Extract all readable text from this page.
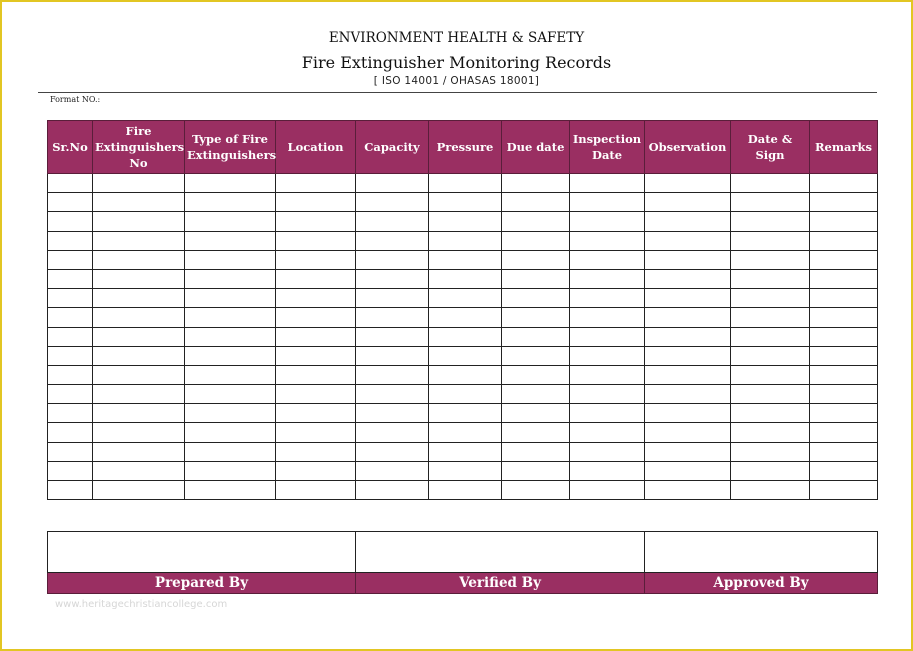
ENVIRONMENT HEALTH & SAFETY
Fire Extinguisher Monitoring Records
[ ISO 14001 / OHASAS 18001]
Format NO.:
Sr.No	Fire Extinguishers No	Type of Fire Extinguishers	Location	Capacity	Pressure	Due date	Inspection Date	Observation	Date & Sign	Remarks

Prepared By	Verified By	Approved By
www.heritagechristiancollege.com
